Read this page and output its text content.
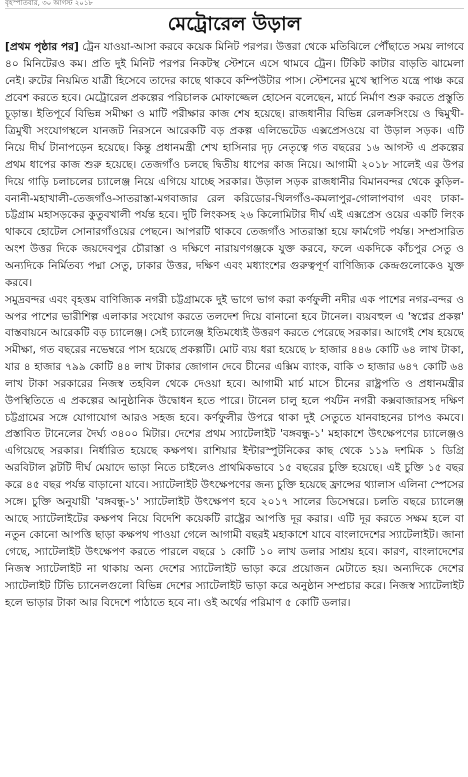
বৃহস্পতিবার, ৩০ আগস্ট ২০১৮
মেট্রোরেল উড়াল

[প্রথম পৃষ্ঠার পর] ট্রেন যাওয়া-আসা করবে কয়েক মিনিট পরপর। উত্তরা থেকে মতিঝিলে পৌঁছাতে সময় লাগবে ৪০ মিনিটেরও কম। প্রতি দুই মিনিট পরপর নিকটস্থ স্টেশনে এসে থামবে ট্রেন। টিকিট কাটার বাড়তি ঝামেলা নেই। রুটের নিয়মিত যাত্রী হিসেবে তাদের কাছে থাকবে কম্পিউটার পাস। স্টেশনের মুখে স্থাপিত যন্ত্রে পাঞ্চ করে প্রবেশ করতে হবে। মেট্রোরেল প্রকল্পের পরিচালক মোফাজ্জেল হোসেন বলেছেন, মার্চে নির্মাণ শুরু করতে প্রস্তুতি চূড়ান্ত। ইতিপূর্বে বিভিন্ন সমীক্ষা ও মাটি পরীক্ষার কাজ শেষ হয়েছে। রাজধানীর বিভিন্ন রেলক্রসিংয়ে ও দ্বিমুখী-ত্রিমুখী সংযোগস্থলে যানজট নিরসনে আরেকটি বড় প্রকল্প এলিভেটেড এক্সপ্রেসওয়ে বা উড়াল সড়ক। এটি নিয়ে দীর্ঘ টানাপড়েন হয়েছে। কিন্তু প্রধানমন্ত্রী শেখ হাসিনার দৃঢ় নেতৃত্বে গত বছরের ১৬ আগস্ট এ প্রকল্পের প্রথম ধাপের কাজ শুরু হয়েছে। তেজগাঁও চলছে দ্বিতীয় ধাপের কাজ নিয়ে। আগামী ২০১৮ সালেই এর উপর দিয়ে গাড়ি চলাচলের চ্যালেঞ্জ নিয়ে এগিয়ে যাচ্ছে সরকার। উড়াল সড়ক রাজধানীর বিমানবন্দর থেকে কুড়িল-বনানী-মহাখালী-তেজগাঁও-সাতরাস্তা-মগবাজার রেল করিডোর-খিলগাঁও-কমলাপুর-গোলাপবাগ এবং ঢাকা-চট্টগ্রাম মহাসড়কের কুতুবখালী পর্যন্ত হবে। দুটি লিংকসহ ২৬ কিলোমিটার দীর্ঘ এই এক্সপ্রেস ওয়ের একটি লিংক থাকবে হোটেল সোনারগাঁওয়ের পেছনে। আপরটি থাকবে তেজগাঁও সাতরাস্তা হয়ে ফার্মগেট পর্যন্ত। সম্প্রসারিত অংশ উত্তর দিকে জয়দেবপুর চৌরাস্তা ও দক্ষিণে নারায়ণগঞ্জকে যুক্ত করবে, ফলে একদিকে কাঁচপুর সেতু ও অন্যদিকে নির্মিতব্য পদ্মা সেতু, ঢাকার উত্তর, দক্ষিণ এবং মধ্যাংশের গুরুত্বপূর্ণ বাণিজ্যিক কেন্দ্রগুলোকেও যুক্ত করবে।

সমুদ্রবন্দর এবং বৃহত্তম বাণিজ্যিক নগরী চট্টগ্রামকে দুই ভাগে ভাগ করা কর্ণফুলী নদীর এক পাশের নগর-বন্দর ও অপর পাশের ভারীশিল্প এলাকার সংযোগ করতে তলদেশ দিয়ে বানানো হবে টানেল। ব্যয়বহুল এ 'স্বপ্নের প্রকল্প' বাস্তবায়নে আরেকটি বড় চ্যালেঞ্জ। সেই চ্যালেঞ্জ ইতিমধ্যেই উত্তরণ করতে পেরেছে সরকার। আগেই শেষ হয়েছে সমীক্ষা, গত বছরের নভেম্বরে পাস হয়েছে প্রকল্পটি। মোট ব্যয় ধরা হয়েছে ৮ হাজার ৪৪৬ কোটি ৬৪ লাখ টাকা, যার ৪ হাজার ৭৯৯ কোটি ৪৪ লাখ টাকার জোগান দেবে চীনের এক্সিম ব্যাংক, বাকি ৩ হাজার ৬৪৭ কোটি ৬৪ লাখ টাকা সরকারের নিজস্ব তহবিল থেকে দেওয়া হবে। আগামী মার্চ মাসে চীনের রাষ্ট্রপতি ও প্রধানমন্ত্রীর উপস্থিতিতে এ প্রকল্পের আনুষ্ঠানিক উদ্বোধন হতে পারে। টানেল চালু হলে পর্যটন নগরী কক্সবাজারসহ দক্ষিণ চট্টগ্রামের সঙ্গে যোগাযোগ আরও সহজ হবে। কর্ণফুলীর উপরে থাকা দুই সেতুতে যানবাহনের চাপও কমবে। প্রস্তাবিত টানেলের দৈর্ঘ্য ৩৪০০ মিটার। দেশের প্রথম স্যাটেলাইট 'বঙ্গবন্ধু-১' মহাকাশে উৎক্ষেপণের চ্যালেঞ্জও এগিয়েছে সরকার। নির্ধারিত হয়েছে কক্ষপথ। রাশিয়ার ইন্টারস্পুটনিকের কাছ থেকে ১১৯ দশমিক ১ ডিগ্রি অরবিটাল স্লটটি দীর্ঘ মেয়াদে ভাড়া নিতে চাইলেও প্রাথমিকভাবে ১৫ বছরের চুক্তি হয়েছে। এই চুক্তি ১৫ বছর করে ৪৫ বছর পর্যন্ত বাড়ানো যাবে। স্যাটেলাইট উৎক্ষেপণের জন্য চুক্তি হয়েছে ফ্রান্সের থ্যালাস এলিনা স্পেসের সঙ্গে। চুক্তি অনুযায়ী 'বঙ্গবন্ধু-১' স্যাটেলাইট উৎক্ষেপণ হবে ২০১৭ সালের ডিসেম্বরে। চলতি বছরে চ্যালেঞ্জ আছে স্যাটেলাইটের কক্ষপথ নিয়ে বিদেশি কয়েকটি রাষ্ট্রের আপত্তি দূর করার। এটি দূর করতে সক্ষম হলে বা নতুন কোনো আপত্তি ছাড়া কক্ষপথ পাওয়া গেলে আগামী বছরই মহাকাশে যাবে বাংলাদেশের স্যাটেলাইট। জানা গেছে, স্যাটেলাইট উৎক্ষেপণ করতে পারলে বছরে ১ কোটি ১০ লাখ ডলার সাশ্রয় হবে। কারণ, বাংলাদেশের নিজস্ব স্যাটেলাইট না থাকায় অন্য দেশের স্যাটেলাইট ভাড়া করে প্রয়োজন মেটাতে হয়। অন্যদিকে দেশের স্যাটেলাইট টিভি চ্যানেলগুলো বিভিন্ন দেশের স্যাটেলাইট ভাড়া করে অনুষ্ঠান সম্প্রচার করে। নিজস্ব স্যাটেলাইট হলে ভাড়ার টাকা আর বিদেশে পাঠাতে হবে না। ওই অর্থের পরিমাণ ৫ কোটি ডলার।
